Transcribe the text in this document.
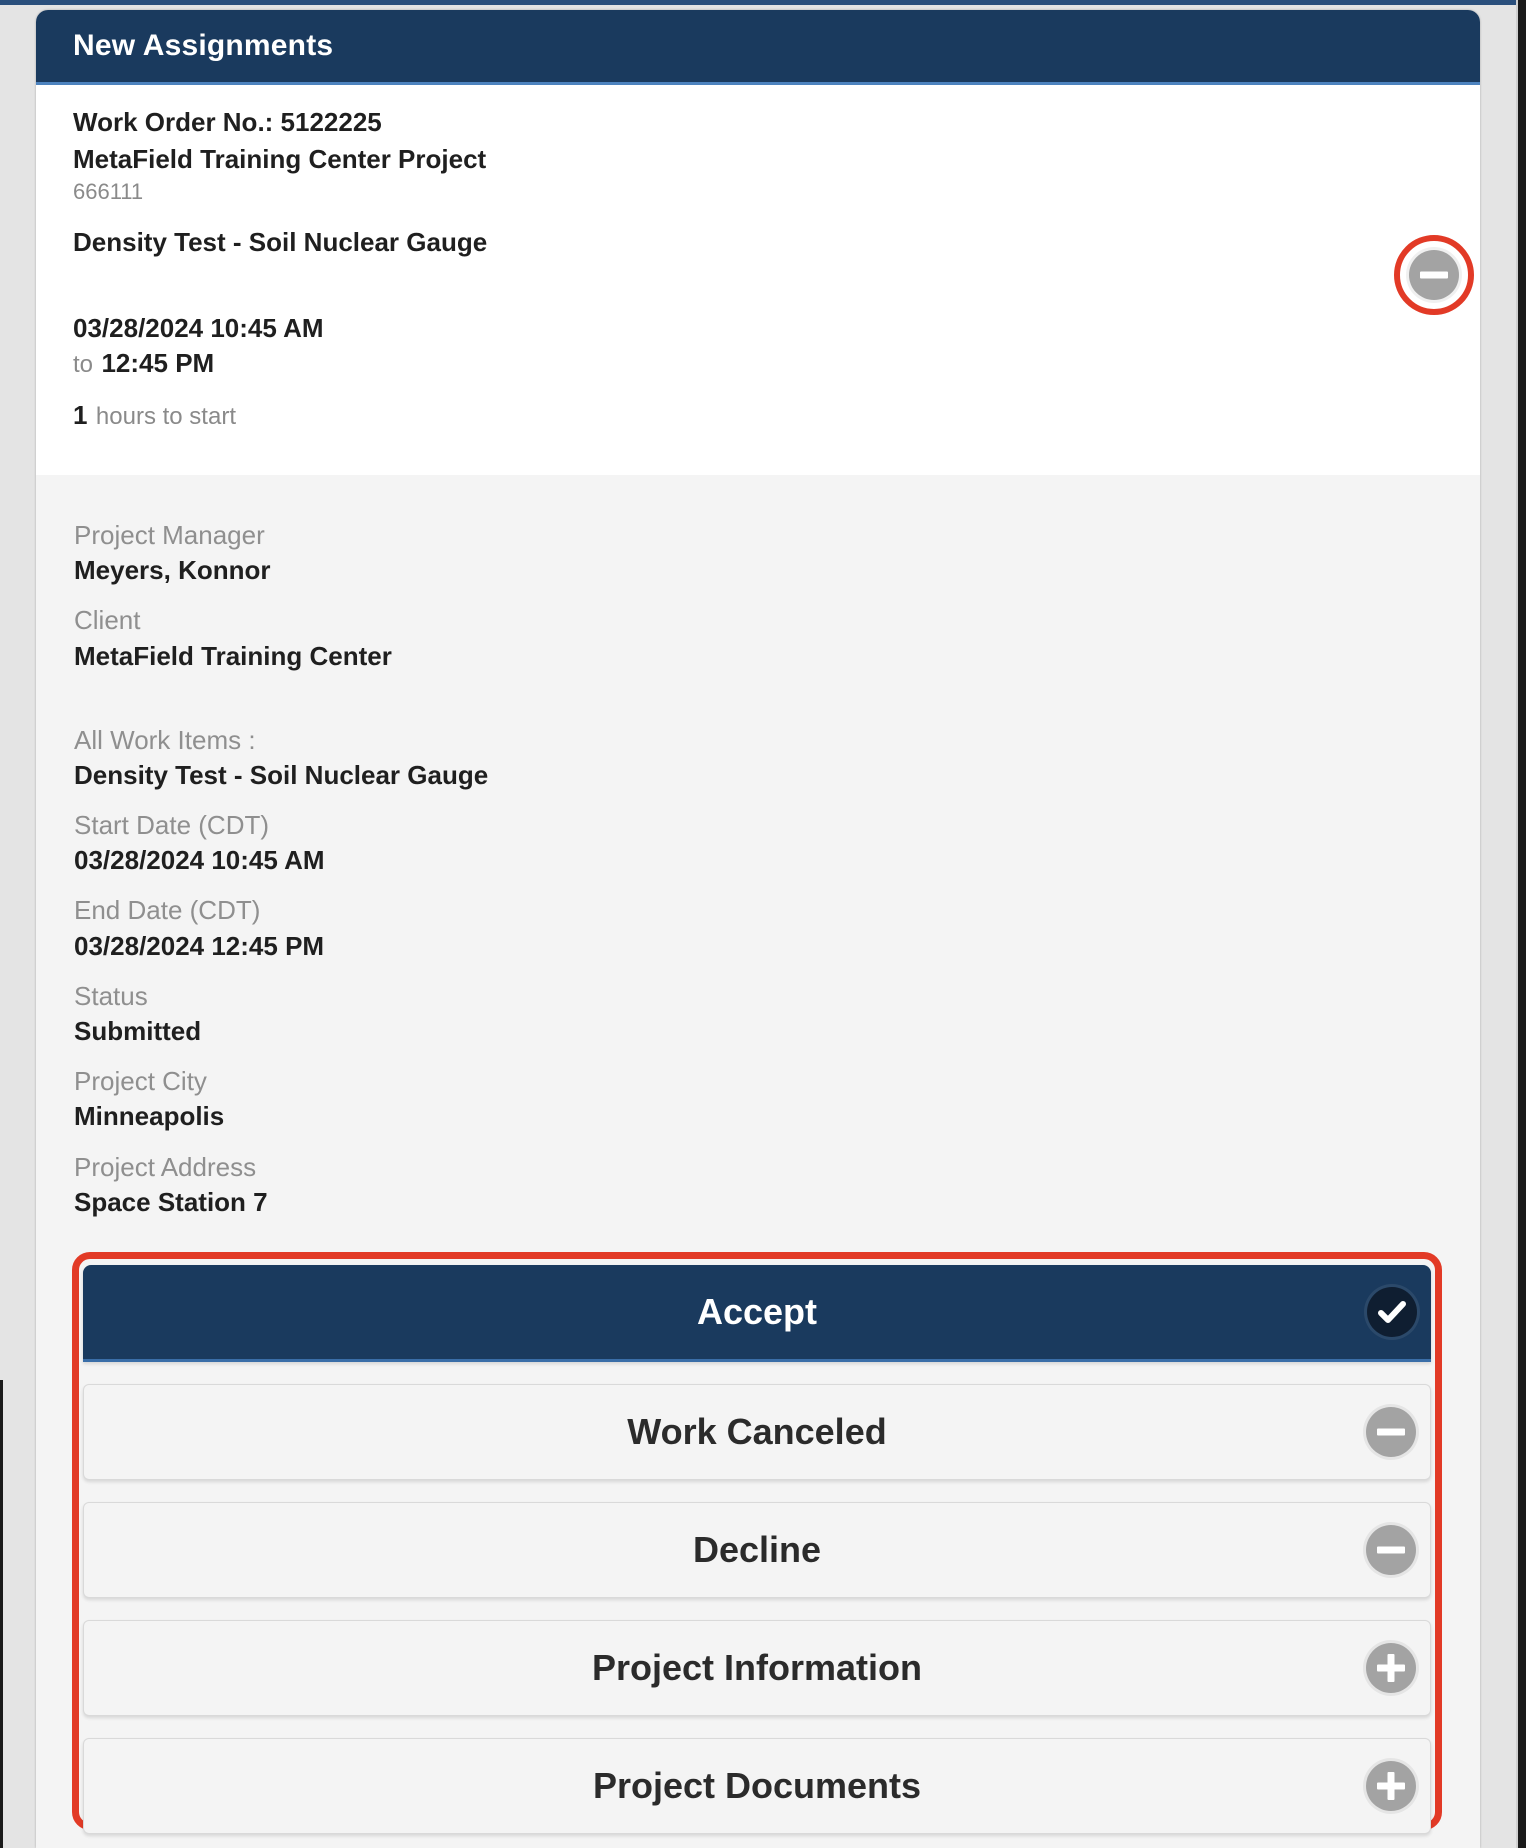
New Assignments
Work Order No.: 5122225
MetaField Training Center Project
666111
Density Test - Soil Nuclear Gauge
03/28/2024 10:45 AM
to 12:45 PM
1 hours to start
Project Manager
Meyers, Konnor
Client
MetaField Training Center
All Work Items :
Density Test - Soil Nuclear Gauge
Start Date (CDT)
03/28/2024 10:45 AM
End Date (CDT)
03/28/2024 12:45 PM
Status
Submitted
Project City
Minneapolis
Project Address
Space Station 7
Accept
Work Canceled
Decline
Project Information
Project Documents
